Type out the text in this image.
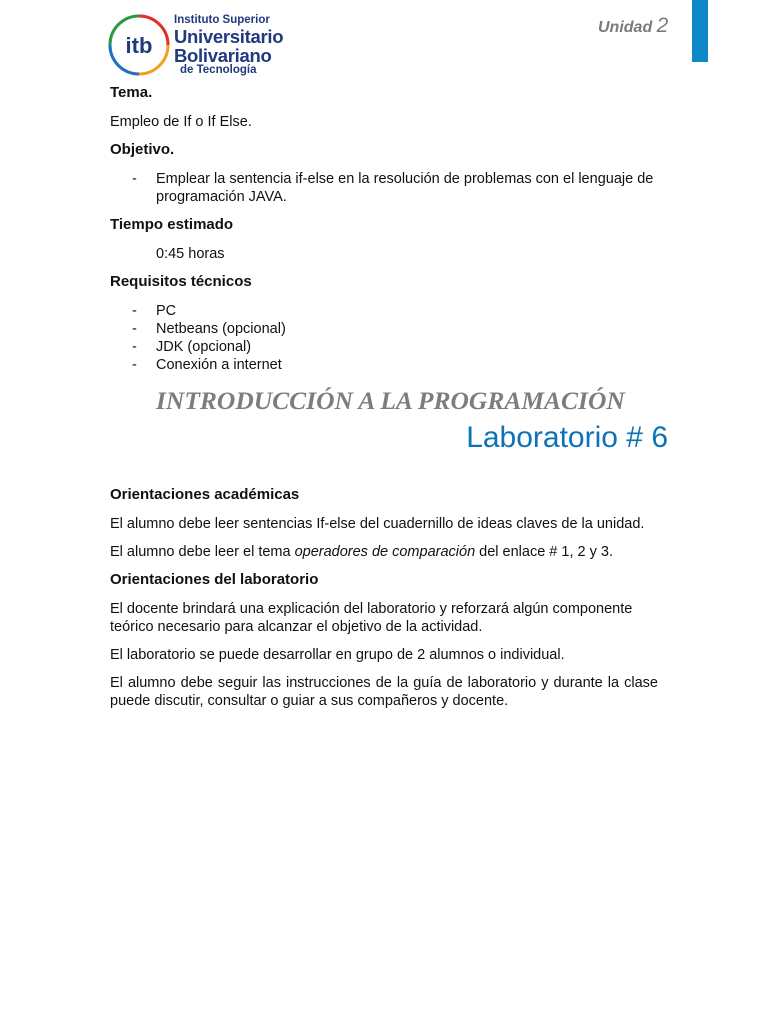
Unidad 2
itb
Instituto Superior
Universitario
Bolivariano
de Tecnología
Tema.
Empleo de If o If Else.
Objetivo.
- Emplear la sentencia if-else en la resolución de problemas con el lenguaje de programación JAVA.
Tiempo estimado
0:45 horas
Requisitos técnicos
- PC
- Netbeans (opcional)
- JDK (opcional)
- Conexión a internet
INTRODUCCIÓN A LA PROGRAMACIÓN
Laboratorio # 6
Orientaciones académicas
El alumno debe leer sentencias If-else del cuadernillo de ideas claves de la unidad.
El alumno debe leer el tema operadores de comparación del enlace # 1, 2 y 3.
Orientaciones del laboratorio
El docente brindará una explicación del laboratorio y reforzará algún componente teórico necesario para alcanzar el objetivo de la actividad.
El laboratorio se puede desarrollar en grupo de 2 alumnos o individual.
El alumno debe seguir las instrucciones de la guía de laboratorio y durante la clase puede discutir, consultar o guiar a sus compañeros y docente.
